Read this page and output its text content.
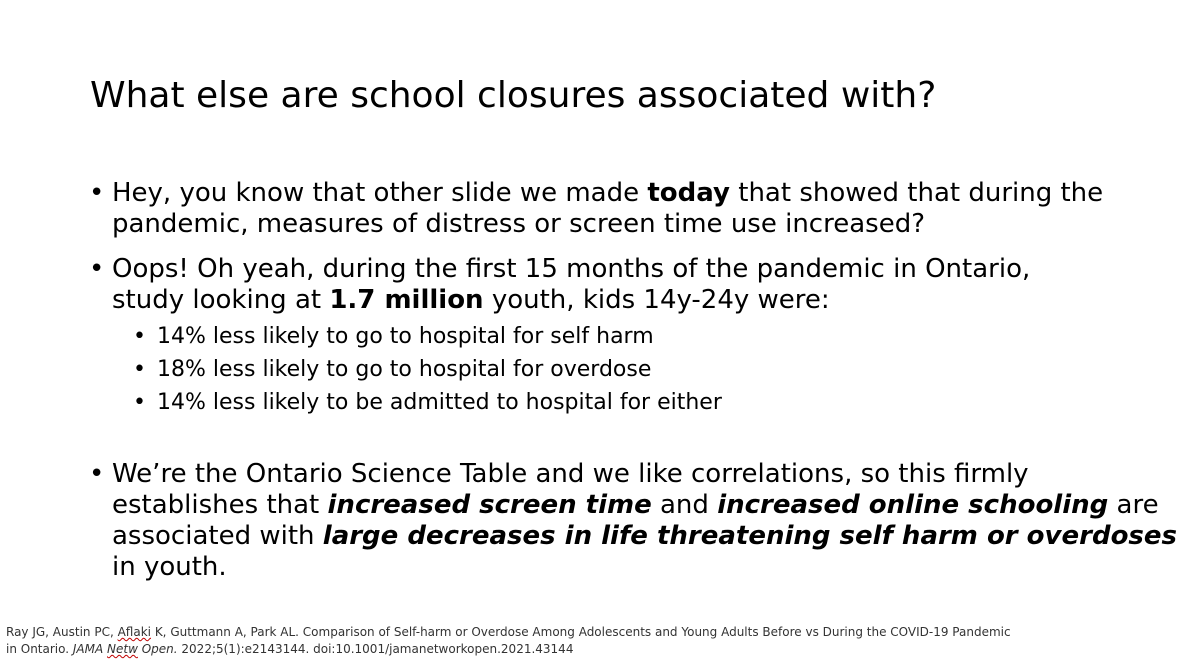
What else are school closures associated with?
• Hey, you know that other slide we made today that showed that during the
pandemic, measures of distress or screen time use increased?
• Oops! Oh yeah, during the first 15 months of the pandemic in Ontario,
study looking at 1.7 million youth, kids 14y-24y were:
• 14% less likely to go to hospital for self harm
• 18% less likely to go to hospital for overdose
• 14% less likely to be admitted to hospital for either
• We’re the Ontario Science Table and we like correlations, so this firmly
establishes that increased screen time and increased online schooling are
associated with large decreases in life threatening self harm or overdoses
in youth.
Ray JG, Austin PC, Aflaki K, Guttmann A, Park AL. Comparison of Self-harm or Overdose Among Adolescents and Young Adults Before vs During the COVID-19 Pandemic
in Ontario. JAMA Netw Open. 2022;5(1):e2143144. doi:10.1001/jamanetworkopen.2021.43144
